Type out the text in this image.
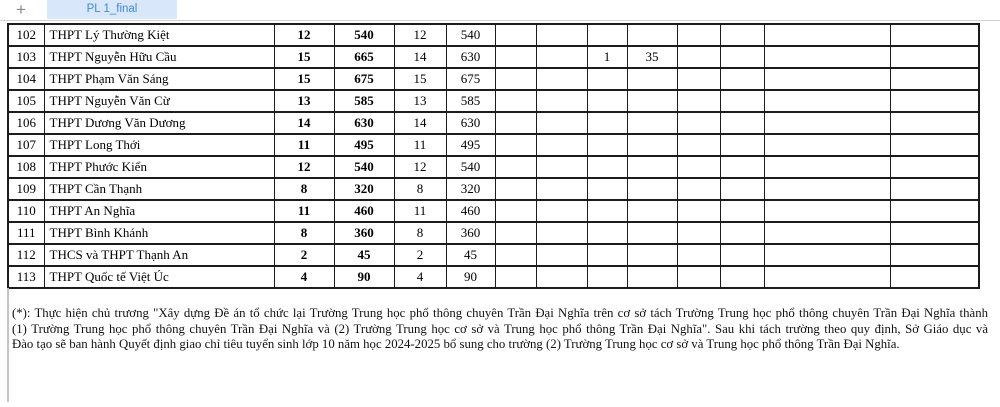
+	PL 1_final
102	THPT Lý Thường Kiệt	12	540	12	540								
103	THPT Nguyễn Hữu Cầu	15	665	14	630			1	35				
104	THPT Phạm Văn Sáng	15	675	15	675								
105	THPT Nguyễn Văn Cừ	13	585	13	585								
106	THPT Dương Văn Dương	14	630	14	630								
107	THPT Long Thới	11	495	11	495								
108	THPT Phước Kiển	12	540	12	540								
109	THPT Cần Thạnh	8	320	8	320								
110	THPT An Nghĩa	11	460	11	460								
111	THPT Bình Khánh	8	360	8	360								
112	THCS và THPT Thạnh An	2	45	2	45								
113	THPT Quốc tế Việt Úc	4	90	4	90								
(*): Thực hiện chủ trương "Xây dựng Đề án tổ chức lại Trường Trung học phổ thông chuyên Trần Đại Nghĩa trên cơ sở tách Trường Trung học phổ thông chuyên Trần Đại Nghĩa thành
(1) Trường Trung học phổ thông chuyên Trần Đại Nghĩa và (2) Trường Trung học cơ sở và Trung học phổ thông Trần Đại Nghĩa". Sau khi tách trường theo quy định, Sở Giáo dục và
Đào tạo sẽ ban hành Quyết định giao chỉ tiêu tuyển sinh lớp 10 năm học 2024-2025 bổ sung cho trường (2) Trường Trung học cơ sở và Trung học phổ thông Trần Đại Nghĩa.
